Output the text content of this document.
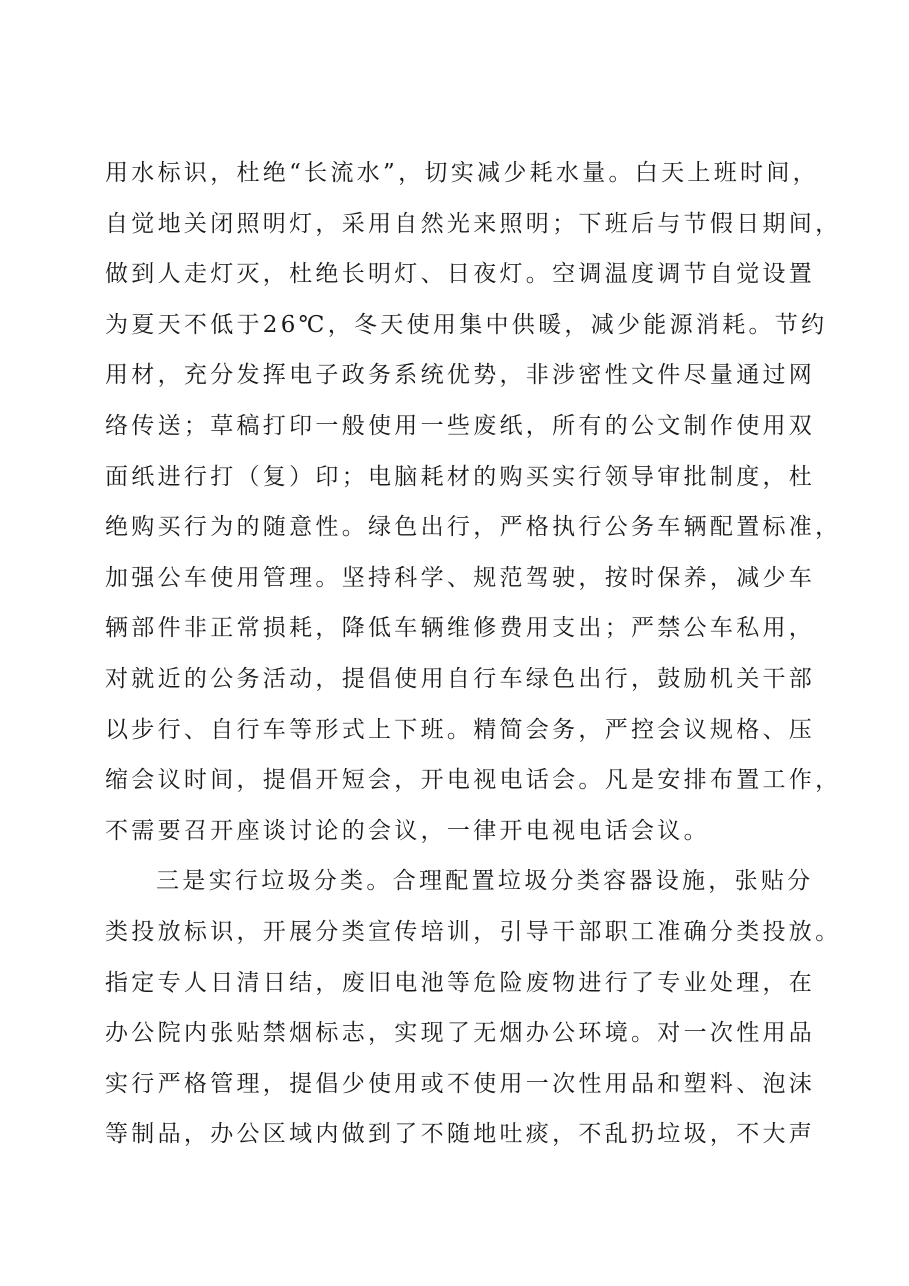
用水标识，杜绝“长流水”，切实减少耗水量。白天上班时间，
自觉地关闭照明灯，采用自然光来照明；下班后与节假日期间，
做到人走灯灭，杜绝长明灯、日夜灯。空调温度调节自觉设置
为夏天不低于26℃，冬天使用集中供暖，减少能源消耗。节约
用材，充分发挥电子政务系统优势，非涉密性文件尽量通过网
络传送；草稿打印一般使用一些废纸，所有的公文制作使用双
面纸进行打（复）印；电脑耗材的购买实行领导审批制度，杜
绝购买行为的随意性。绿色出行，严格执行公务车辆配置标准，
加强公车使用管理。坚持科学、规范驾驶，按时保养，减少车
辆部件非正常损耗，降低车辆维修费用支出；严禁公车私用，
对就近的公务活动，提倡使用自行车绿色出行，鼓励机关干部
以步行、自行车等形式上下班。精简会务，严控会议规格、压
缩会议时间，提倡开短会，开电视电话会。凡是安排布置工作，
不需要召开座谈讨论的会议，一律开电视电话会议。
三是实行垃圾分类。合理配置垃圾分类容器设施，张贴分
类投放标识，开展分类宣传培训，引导干部职工准确分类投放。
指定专人日清日结，废旧电池等危险废物进行了专业处理，在
办公院内张贴禁烟标志，实现了无烟办公环境。对一次性用品
实行严格管理，提倡少使用或不使用一次性用品和塑料、泡沫
等制品，办公区域内做到了不随地吐痰，不乱扔垃圾，不大声
